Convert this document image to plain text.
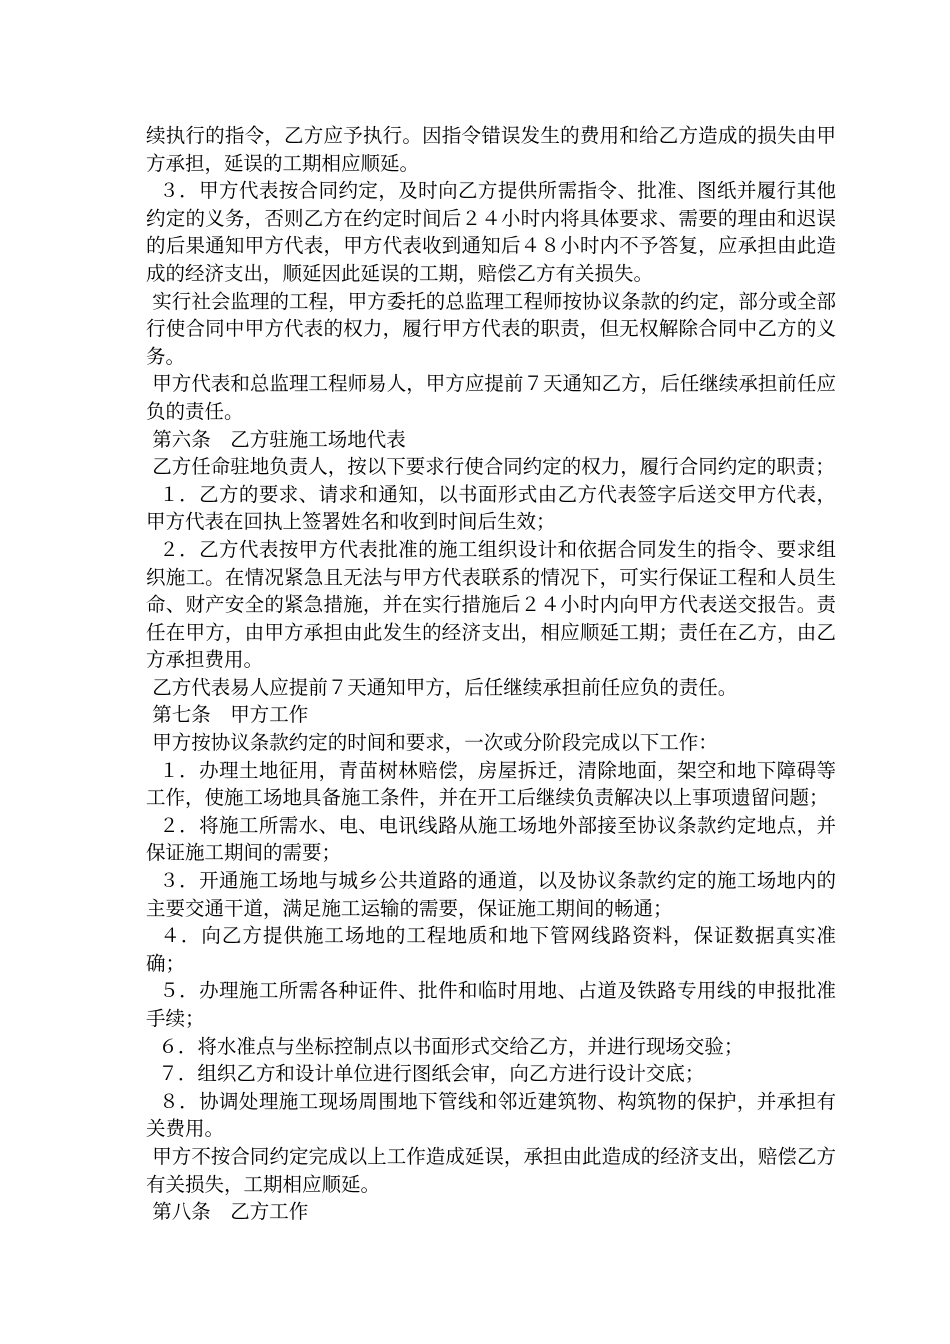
续执行的指令，乙方应予执行。因指令错误发生的费用和给乙方造成的损失由甲方承担，延误的工期相应顺延。

３．甲方代表按合同约定，及时向乙方提供所需指令、批准、图纸并履行其他约定的义务，否则乙方在约定时间后２４小时内将具体要求、需要的理由和迟误的后果通知甲方代表，甲方代表收到通知后４８小时内不予答复，应承担由此造成的经济支出，顺延因此延误的工期，赔偿乙方有关损失。

实行社会监理的工程，甲方委托的总监理工程师按协议条款的约定，部分或全部行使合同中甲方代表的权力，履行甲方代表的职责，但无权解除合同中乙方的义务。

甲方代表和总监理工程师易人，甲方应提前７天通知乙方，后任继续承担前任应负的责任。

第六条　乙方驻施工场地代表

乙方任命驻地负责人，按以下要求行使合同约定的权力，履行合同约定的职责；

１．乙方的要求、请求和通知，以书面形式由乙方代表签字后送交甲方代表，甲方代表在回执上签署姓名和收到时间后生效；

２．乙方代表按甲方代表批准的施工组织设计和依据合同发生的指令、要求组织施工。在情况紧急且无法与甲方代表联系的情况下，可实行保证工程和人员生命、财产安全的紧急措施，并在实行措施后２４小时内向甲方代表送交报告。责任在甲方，由甲方承担由此发生的经济支出，相应顺延工期；责任在乙方，由乙方承担费用。

乙方代表易人应提前７天通知甲方，后任继续承担前任应负的责任。

第七条　甲方工作

甲方按协议条款约定的时间和要求，一次或分阶段完成以下工作：

１．办理土地征用，青苗树林赔偿，房屋拆迁，清除地面，架空和地下障碍等工作，使施工场地具备施工条件，并在开工后继续负责解决以上事项遗留问题；

２．将施工所需水、电、电讯线路从施工场地外部接至协议条款约定地点，并保证施工期间的需要；

３．开通施工场地与城乡公共道路的通道，以及协议条款约定的施工场地内的主要交通干道，满足施工运输的需要，保证施工期间的畅通；

４．向乙方提供施工场地的工程地质和地下管网线路资料，保证数据真实准确；

５．办理施工所需各种证件、批件和临时用地、占道及铁路专用线的申报批准手续；

６．将水准点与坐标控制点以书面形式交给乙方，并进行现场交验；

７．组织乙方和设计单位进行图纸会审，向乙方进行设计交底；

８．协调处理施工现场周围地下管线和邻近建筑物、构筑物的保护，并承担有关费用。

甲方不按合同约定完成以上工作造成延误，承担由此造成的经济支出，赔偿乙方有关损失，工期相应顺延。

第八条　乙方工作
